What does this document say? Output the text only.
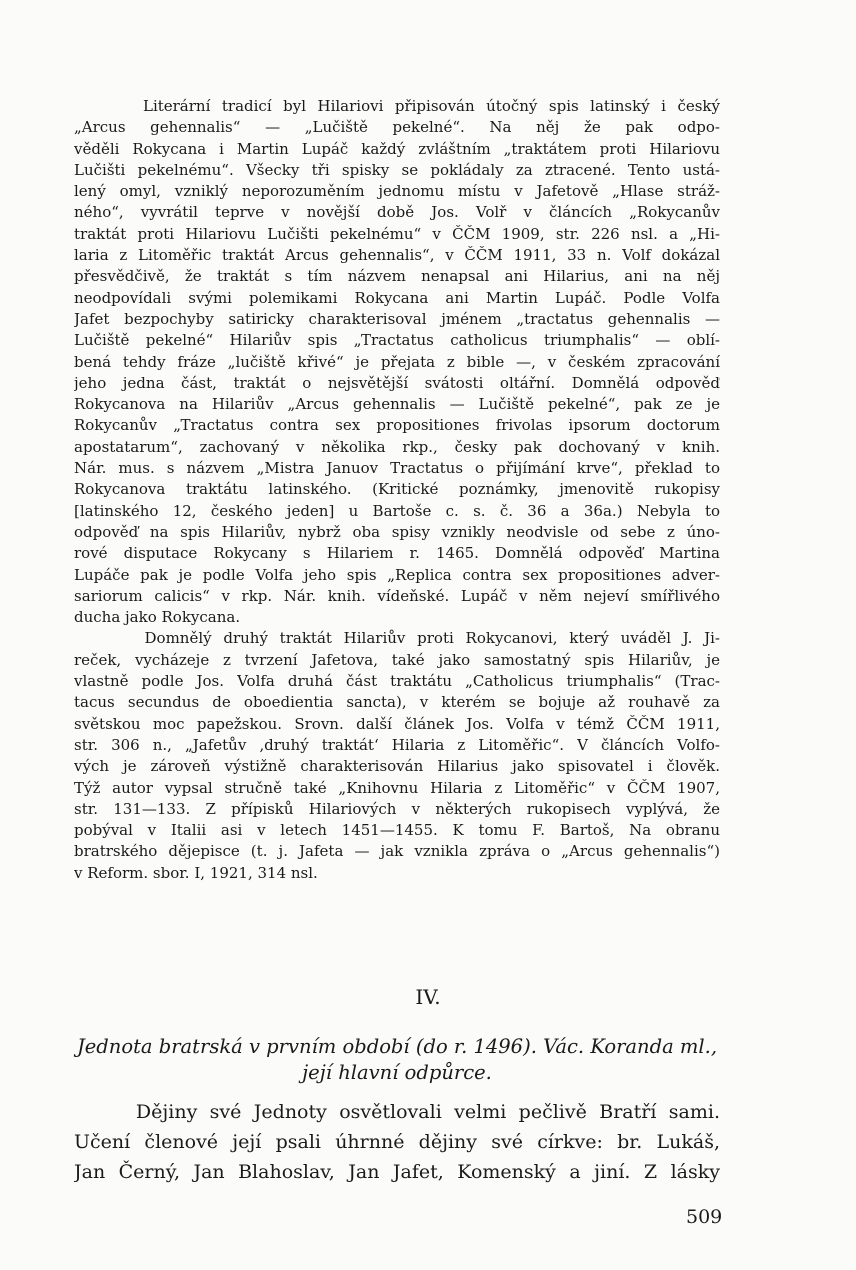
Literární tradicí byl Hilariovi připisován útočný spis latinský i český
„Arcus gehennalis“ — „Lučiště pekelné“. Na něj že pak odpo-
věděli Rokycana i Martin Lupáč každý zvláštním „traktátem proti Hilariovu
Lučišti pekelnému“. Všecky tři spisky se pokládaly za ztracené. Tento ustá-
lený omyl, vzniklý neporozuměním jednomu místu v Jafetově „Hlase stráž-
ného“, vyvrátil teprve v novější době Jos. Volř v článcích „Rokycanův
traktát proti Hilariovu Lučišti pekelnému“ v ČČM 1909, str. 226 nsl. a „Hi-
laria z Litoměřic traktát Arcus gehennalis“, v ČČM 1911, 33 n. Volf dokázal
přesvědčivě, že traktát s tím názvem nenapsal ani Hilarius, ani na něj
neodpovídali svými polemikami Rokycana ani Martin Lupáč. Podle Volfa
Jafet bezpochyby satiricky charakterisoval jménem „tractatus gehennalis —
Lučiště pekelné“ Hilariův spis „Tractatus catholicus triumphalis“ — oblí-
bená tehdy fráze „lučiště křivé“ je přejata z bible —, v českém zpracování
jeho jedna část, traktát o nejsvětější svátosti oltářní. Domnělá odpověď
Rokycanova na Hilariův „Arcus gehennalis — Lučiště pekelné“, pak ze je
Rokycanův „Tractatus contra sex propositiones frivolas ipsorum doctorum
apostatarum“, zachovaný v několika rkp., česky pak dochovaný v knih.
Nár. mus. s názvem „Mistra Januov Tractatus o přijímání krve“, překlad to
Rokycanova traktátu latinského. (Kritické poznámky, jmenovitě rukopisy
[latinského 12, českého jeden] u Bartoše c. s. č. 36 a 36a.) Nebyla to
odpověď na spis Hilariův, nybrž oba spisy vznikly neodvisle od sebe z úno-
rové disputace Rokycany s Hilariem r. 1465. Domnělá odpověď Martina
Lupáče pak je podle Volfa jeho spis „Replica contra sex propositiones adver-
sariorum calicis“ v rkp. Nár. knih. vídeňské. Lupáč v něm nejeví smířlivého
ducha jako Rokycana.
Domnělý druhý traktát Hilariův proti Rokycanovi, který uváděl J. Ji-
reček, vycházeje z tvrzení Jafetova, také jako samostatný spis Hilariův, je
vlastně podle Jos. Volfa druhá část traktátu „Catholicus triumphalis“ (Trac-
tacus secundus de oboedientia sancta), v kterém se bojuje až rouhavě za
světskou moc papežskou. Srovn. další článek Jos. Volfa v témž ČČM 1911,
str. 306 n., „Jafetův ‚druhý traktát‘ Hilaria z Litoměřic“. V článcích Volfo-
vých je zároveň výstižně charakterisován Hilarius jako spisovatel i člověk.
Týž autor vypsal stručně také „Knihovnu Hilaria z Litoměřic“ v ČČM 1907,
str. 131—133. Z přípisků Hilariových v některých rukopisech vyplývá, že
pobýval v Italii asi v letech 1451—1455. K tomu F. Bartoš, Na obranu
bratrského dějepisce (t. j. Jafeta — jak vznikla zpráva o „Arcus gehennalis“)
v Reform. sbor. I, 1921, 314 nsl.

IV.

Jednota bratrská v prvním období (do r. 1496). Vác. Koranda ml.,
její hlavní odpůrce.
Dějiny své Jednoty osvětlovali velmi pečlivě Bratří sami.
Učení členové její psali úhrnné dějiny své církve: br. Lukáš,
Jan Černý, Jan Blahoslav, Jan Jafet, Komenský a jiní. Z lásky

509
